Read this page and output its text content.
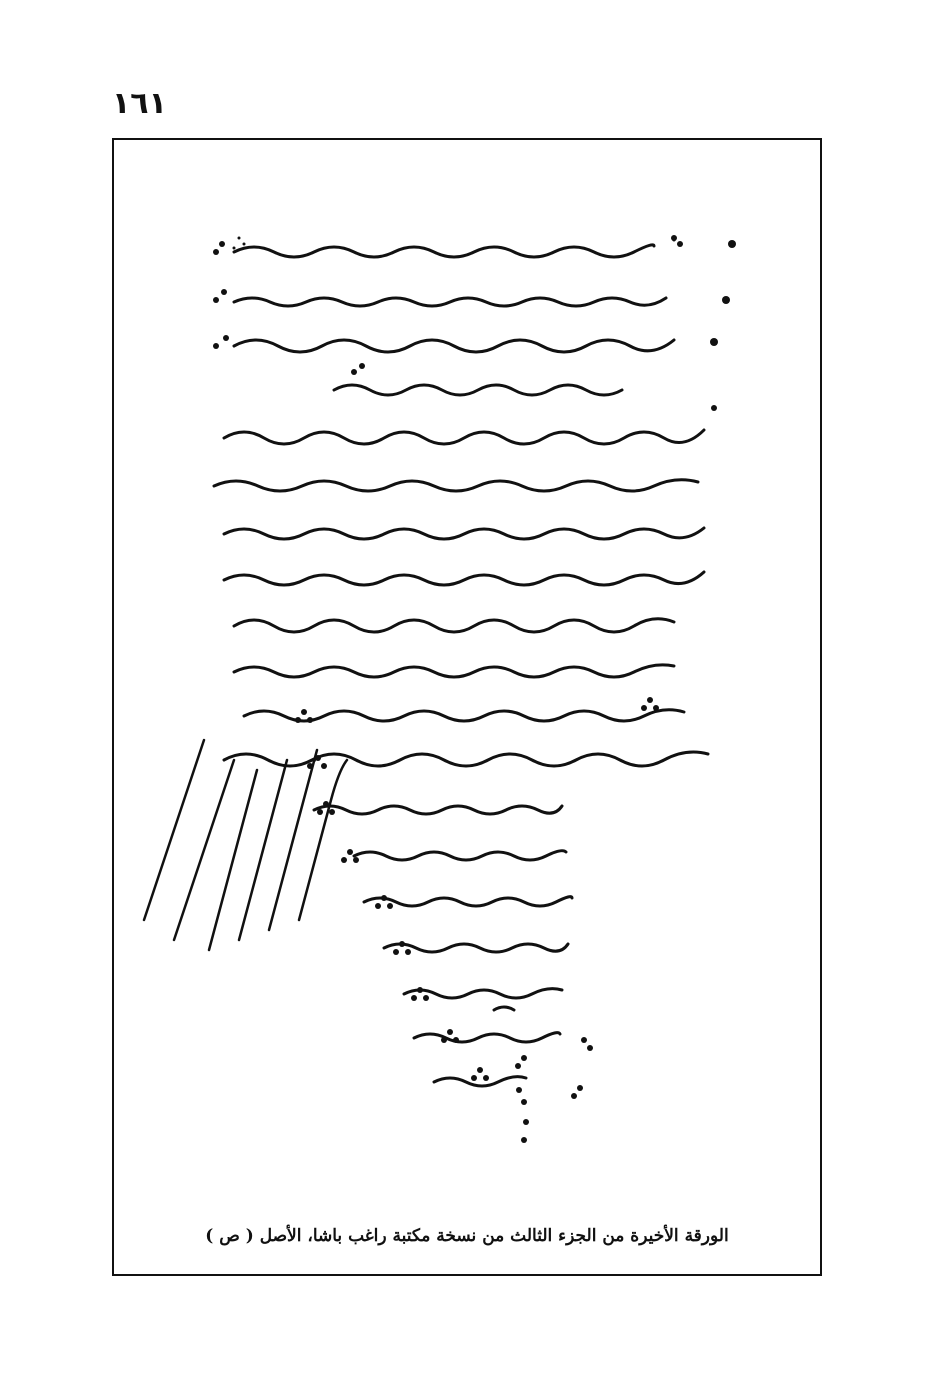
١٦١
الورقة الأخيرة من الجزء الثالث من نسخة مكتبة راغب باشا، الأصل ( ص )
